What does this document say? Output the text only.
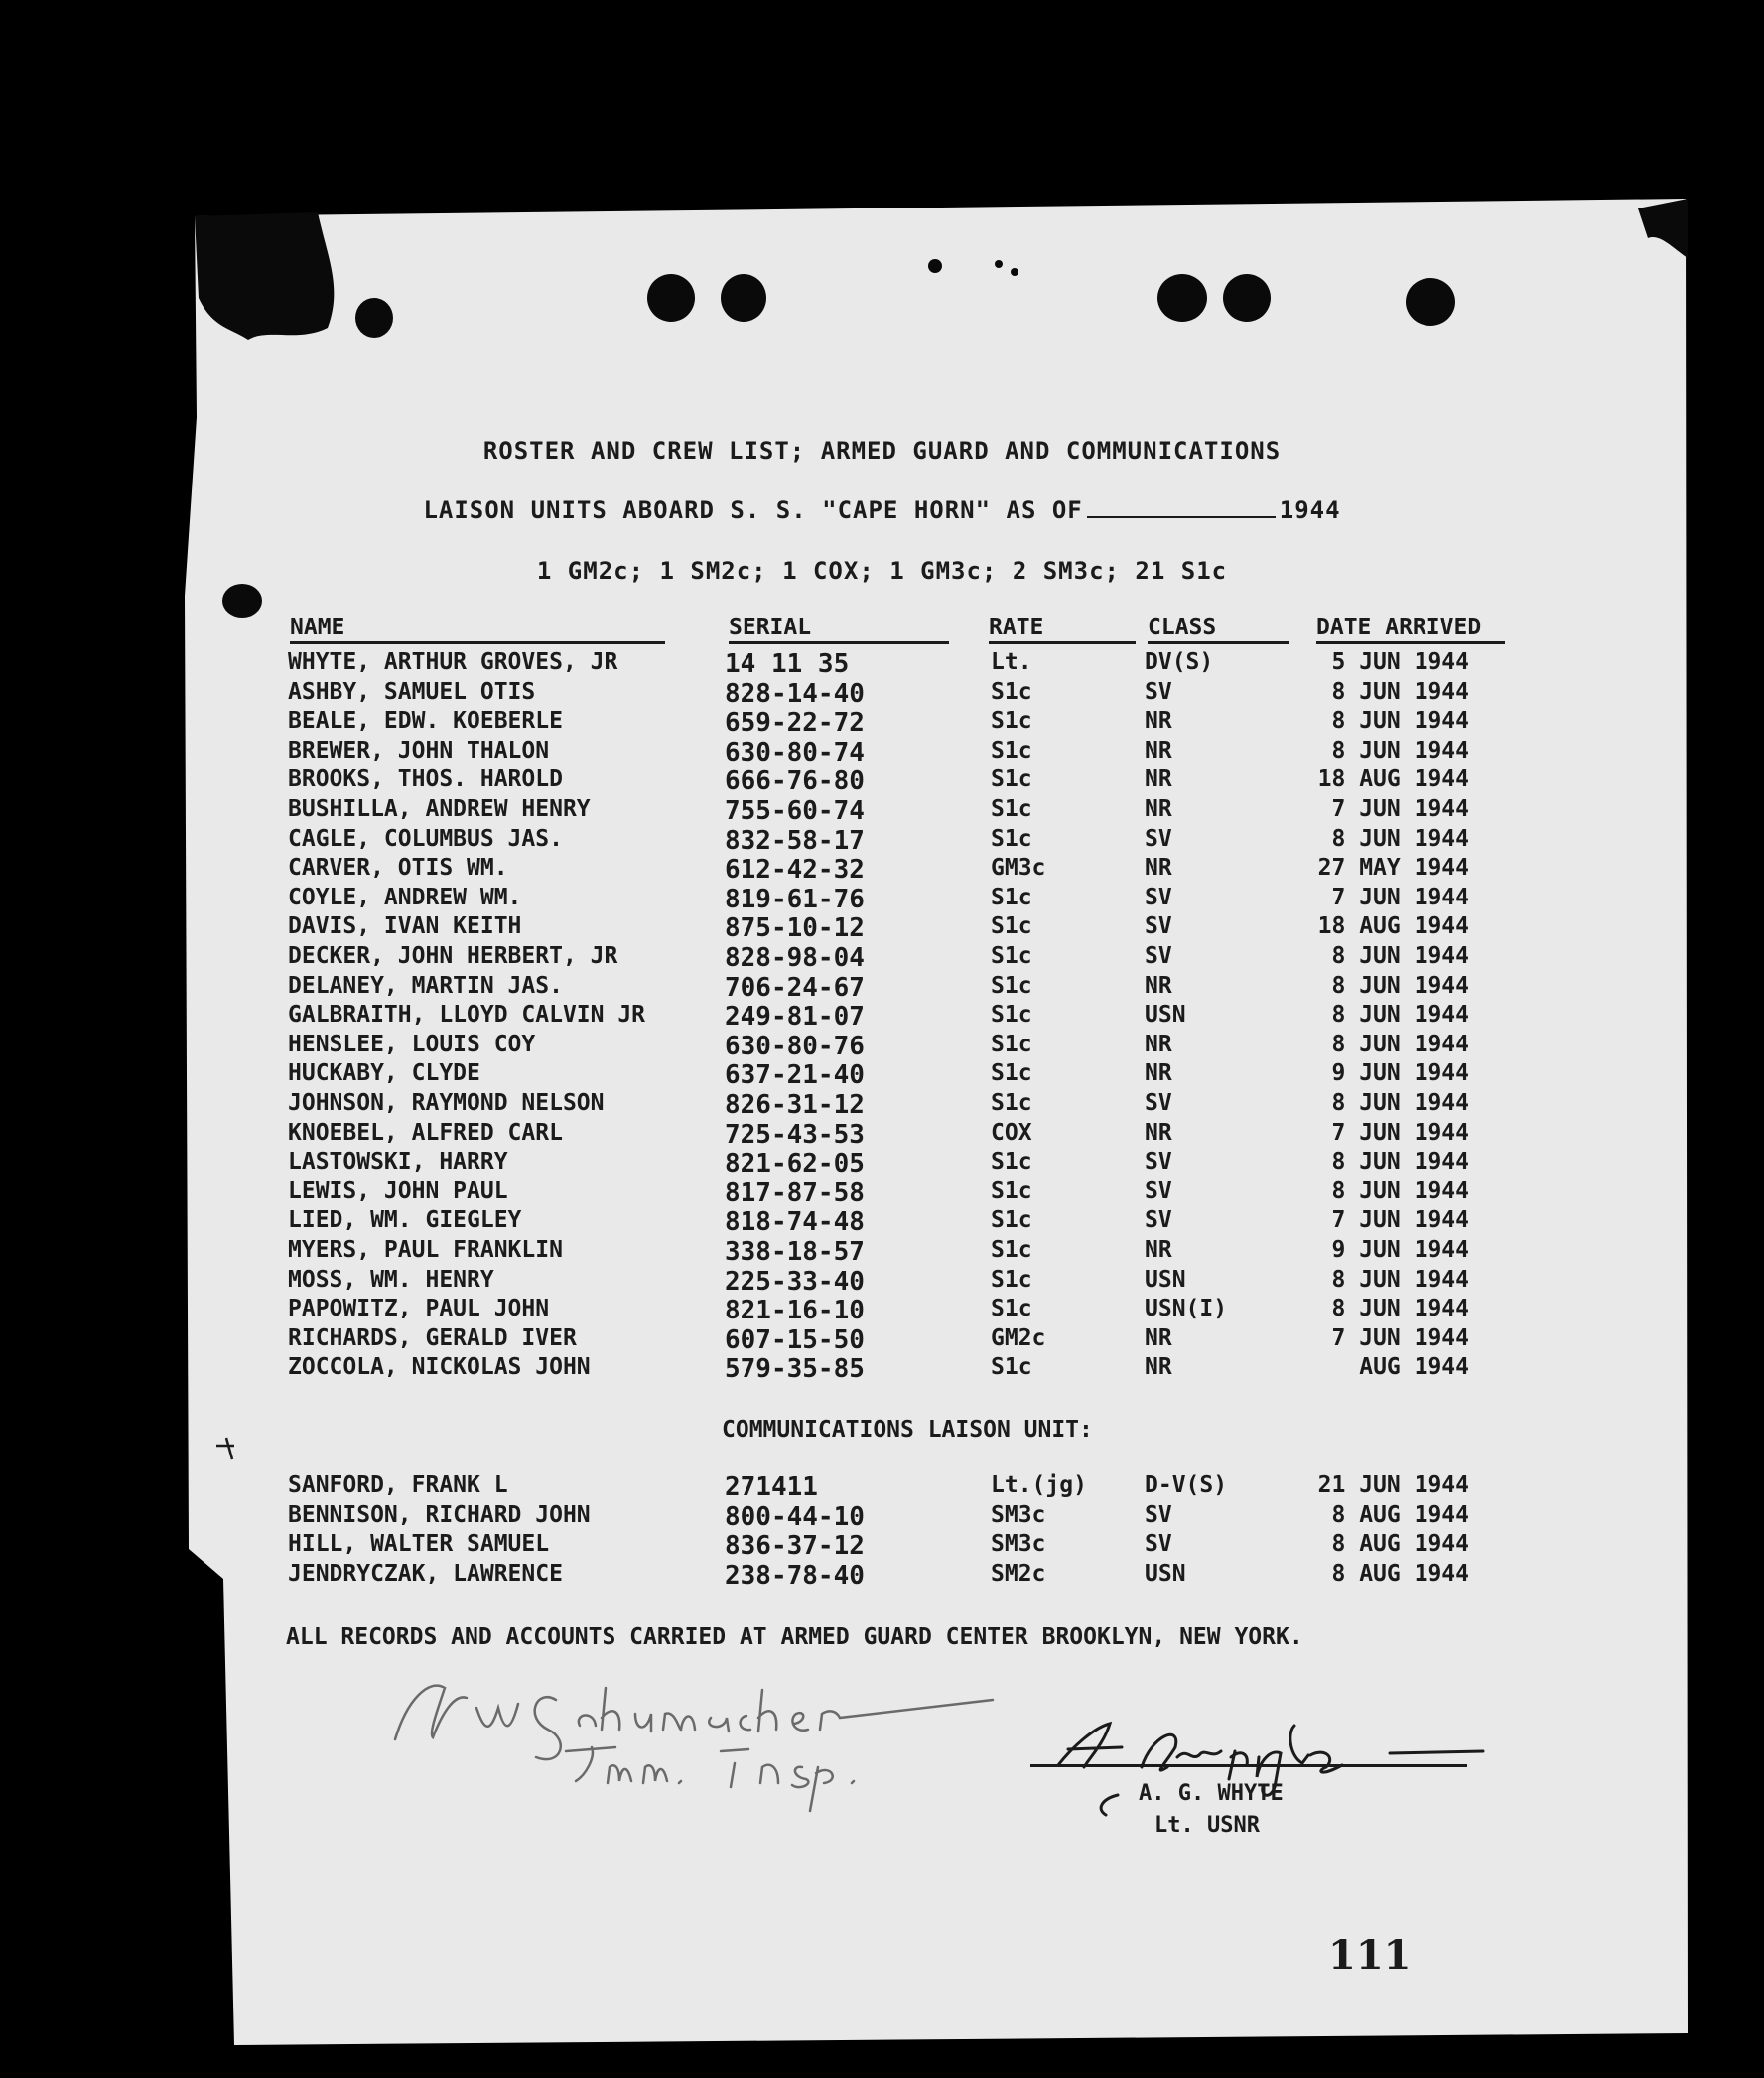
ROSTER AND CREW LIST; ARMED GUARD AND COMMUNICATIONS
LAISON UNITS ABOARD S. S. "CAPE HORN" AS OF	1944
1 GM2c; 1 SM2c; 1 COX; 1 GM3c; 2 SM3c; 21 S1c
NAME	SERIAL	RATE	CLASS	DATE ARRIVED
WHYTE, ARTHUR GROVES, JR	14 11 35	Lt.	DV(S)	5 JUN 1944
ASHBY, SAMUEL OTIS	828-14-40	S1c	SV	8 JUN 1944
BEALE, EDW. KOEBERLE	659-22-72	S1c	NR	8 JUN 1944
BREWER, JOHN THALON	630-80-74	S1c	NR	8 JUN 1944
BROOKS, THOS. HAROLD	666-76-80	S1c	NR	18 AUG 1944
BUSHILLA, ANDREW HENRY	755-60-74	S1c	NR	7 JUN 1944
CAGLE, COLUMBUS JAS.	832-58-17	S1c	SV	8 JUN 1944
CARVER, OTIS WM.	612-42-32	GM3c	NR	27 MAY 1944
COYLE, ANDREW WM.	819-61-76	S1c	SV	7 JUN 1944
DAVIS, IVAN KEITH	875-10-12	S1c	SV	18 AUG 1944
DECKER, JOHN HERBERT, JR	828-98-04	S1c	SV	8 JUN 1944
DELANEY, MARTIN JAS.	706-24-67	S1c	NR	8 JUN 1944
GALBRAITH, LLOYD CALVIN JR	249-81-07	S1c	USN	8 JUN 1944
HENSLEE, LOUIS COY	630-80-76	S1c	NR	8 JUN 1944
HUCKABY, CLYDE	637-21-40	S1c	NR	9 JUN 1944
JOHNSON, RAYMOND NELSON	826-31-12	S1c	SV	8 JUN 1944
KNOEBEL, ALFRED CARL	725-43-53	COX	NR	7 JUN 1944
LASTOWSKI, HARRY	821-62-05	S1c	SV	8 JUN 1944
LEWIS, JOHN PAUL	817-87-58	S1c	SV	8 JUN 1944
LIED, WM. GIEGLEY	818-74-48	S1c	SV	7 JUN 1944
MYERS, PAUL FRANKLIN	338-18-57	S1c	NR	9 JUN 1944
MOSS, WM. HENRY	225-33-40	S1c	USN	8 JUN 1944
PAPOWITZ, PAUL JOHN	821-16-10	S1c	USN(I)	8 JUN 1944
RICHARDS, GERALD IVER	607-15-50	GM2c	NR	7 JUN 1944
ZOCCOLA, NICKOLAS JOHN	579-35-85	S1c	NR	AUG 1944
COMMUNICATIONS LAISON UNIT:
SANFORD, FRANK L	271411	Lt.(jg)	D-V(S)	21 JUN 1944
BENNISON, RICHARD JOHN	800-44-10	SM3c	SV	8 AUG 1944
HILL, WALTER SAMUEL	836-37-12	SM3c	SV	8 AUG 1944
JENDRYCZAK, LAWRENCE	238-78-40	SM2c	USN	8 AUG 1944
ALL RECORDS AND ACCOUNTS CARRIED AT ARMED GUARD CENTER BROOKLYN, NEW YORK.
A. G. WHYTE
Lt. USNR
111
